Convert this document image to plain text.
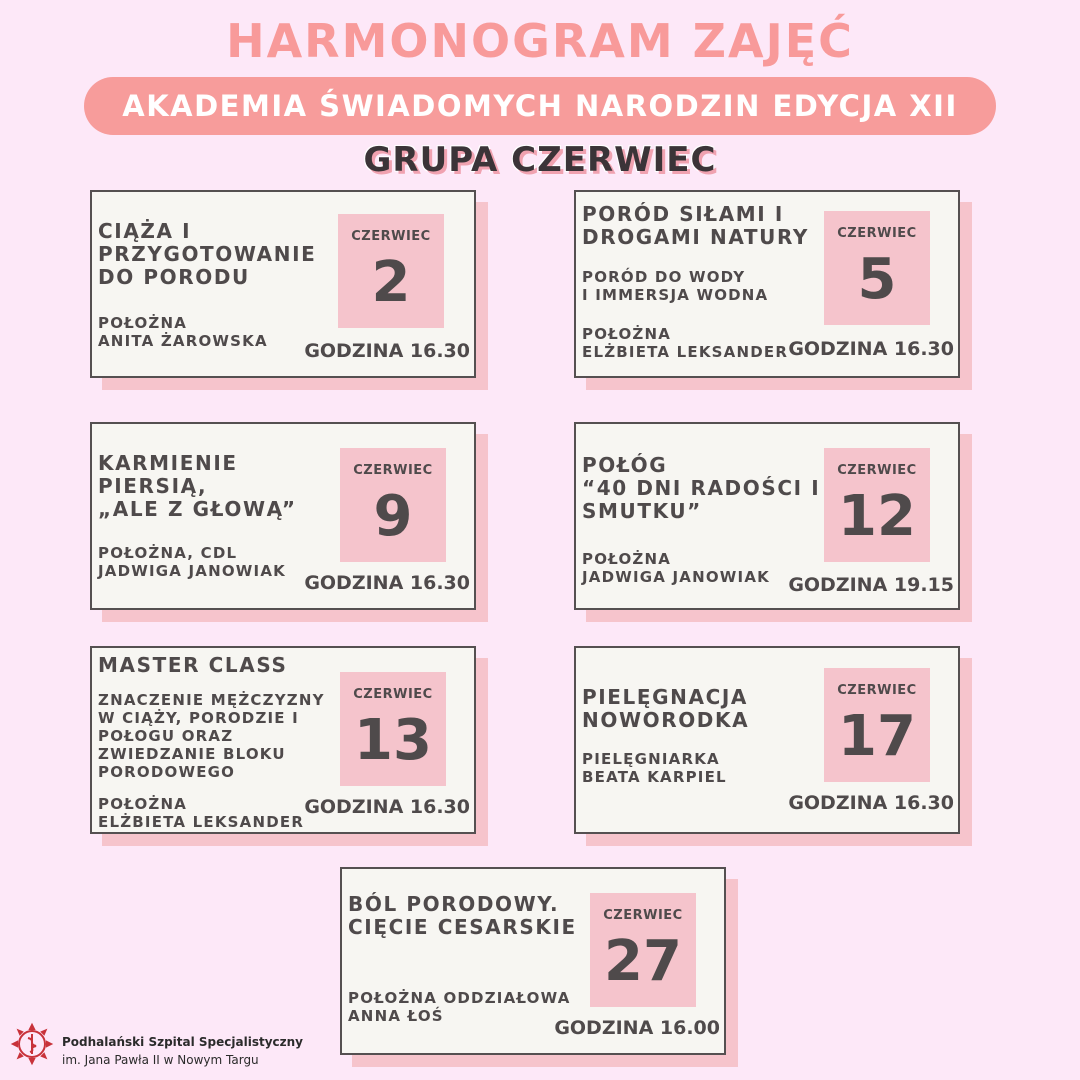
HARMONOGRAM ZAJĘĆ
AKADEMIA ŚWIADOMYCH NARODZIN EDYCJA XII
GRUPA CZERWIEC
CIĄŻA I
PRZYGOTOWANIE
DO PORODU
POŁOŻNA
ANITA ŻAROWSKA
CZERWIEC
2
GODZINA 16.30
PORÓD SIŁAMI I
DROGAMI NATURY
PORÓD DO WODY
I IMMERSJA WODNA
POŁOŻNA
ELŻBIETA LEKSANDER
CZERWIEC
5
GODZINA 16.30
KARMIENIE
PIERSIĄ,
„ALE Z GŁOWĄ”
POŁOŻNA, CDL
JADWIGA JANOWIAK
CZERWIEC
9
GODZINA 16.30
POŁÓG
“40 DNI RADOŚCI I
SMUTKU”
POŁOŻNA
JADWIGA JANOWIAK
CZERWIEC
12
GODZINA 19.15
MASTER CLASS
ZNACZENIE MĘŻCZYZNY
W CIĄŻY, PORODZIE I
POŁOGU ORAZ
ZWIEDZANIE BLOKU
PORODOWEGO
POŁOŻNA
ELŻBIETA LEKSANDER
CZERWIEC
13
GODZINA 16.30
PIELĘGNACJA
NOWORODKA
PIELĘGNIARKA
BEATA KARPIEL
CZERWIEC
17
GODZINA 16.30
BÓL PORODOWY.
CIĘCIE CESARSKIE
POŁOŻNA ODDZIAŁOWA
ANNA ŁOŚ
CZERWIEC
27
GODZINA 16.00
Podhalański Szpital Specjalistyczny
im. Jana Pawła II w Nowym Targu
